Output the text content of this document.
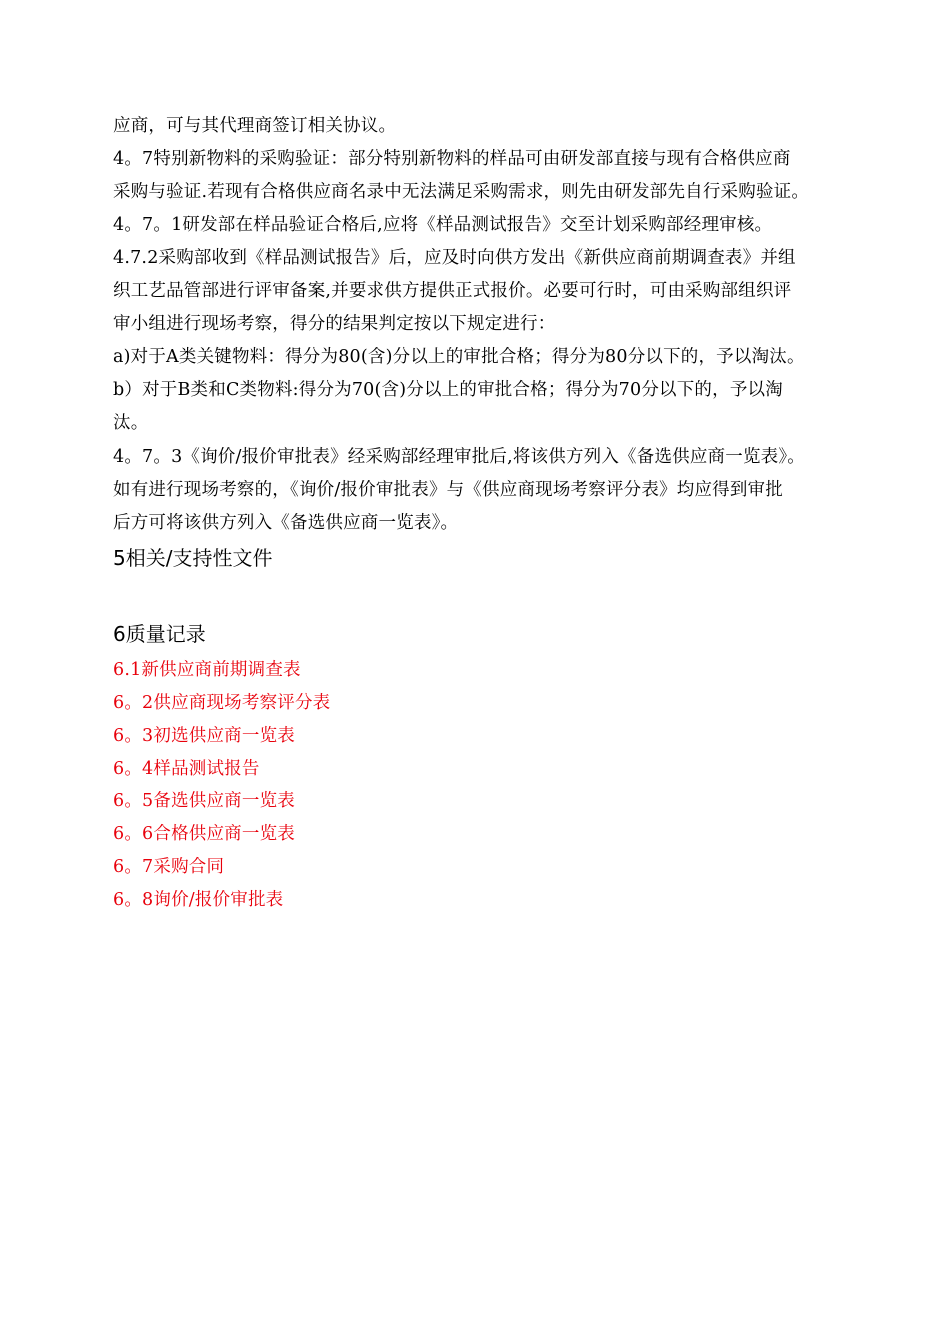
应商，可与其代理商签订相关协议。
4。7特别新物料的采购验证：部分特别新物料的样品可由研发部直接与现有合格供应商
采购与验证.若现有合格供应商名录中无法满足采购需求，则先由研发部先自行采购验证。
4。7。1研发部在样品验证合格后,应将《样品测试报告》交至计划采购部经理审核。
4.7.2采购部收到《样品测试报告》后，应及时向供方发出《新供应商前期调查表》并组
织工艺品管部进行评审备案,并要求供方提供正式报价。必要可行时，可由采购部组织评
审小组进行现场考察，得分的结果判定按以下规定进行：
a)对于A类关键物料：得分为80(含)分以上的审批合格；得分为80分以下的，予以淘汰。
b）对于B类和C类物料:得分为70(含)分以上的审批合格；得分为70分以下的，予以淘
汰。
4。7。3《询价/报价审批表》经采购部经理审批后,将该供方列入《备选供应商一览表》。
如有进行现场考察的，《询价/报价审批表》与《供应商现场考察评分表》均应得到审批
后方可将该供方列入《备选供应商一览表》。
5相关/支持性文件
6质量记录
6.1新供应商前期调查表
6。2供应商现场考察评分表
6。3初选供应商一览表
6。4样品测试报告
6。5备选供应商一览表
6。6合格供应商一览表
6。7采购合同
6。8询价/报价审批表
